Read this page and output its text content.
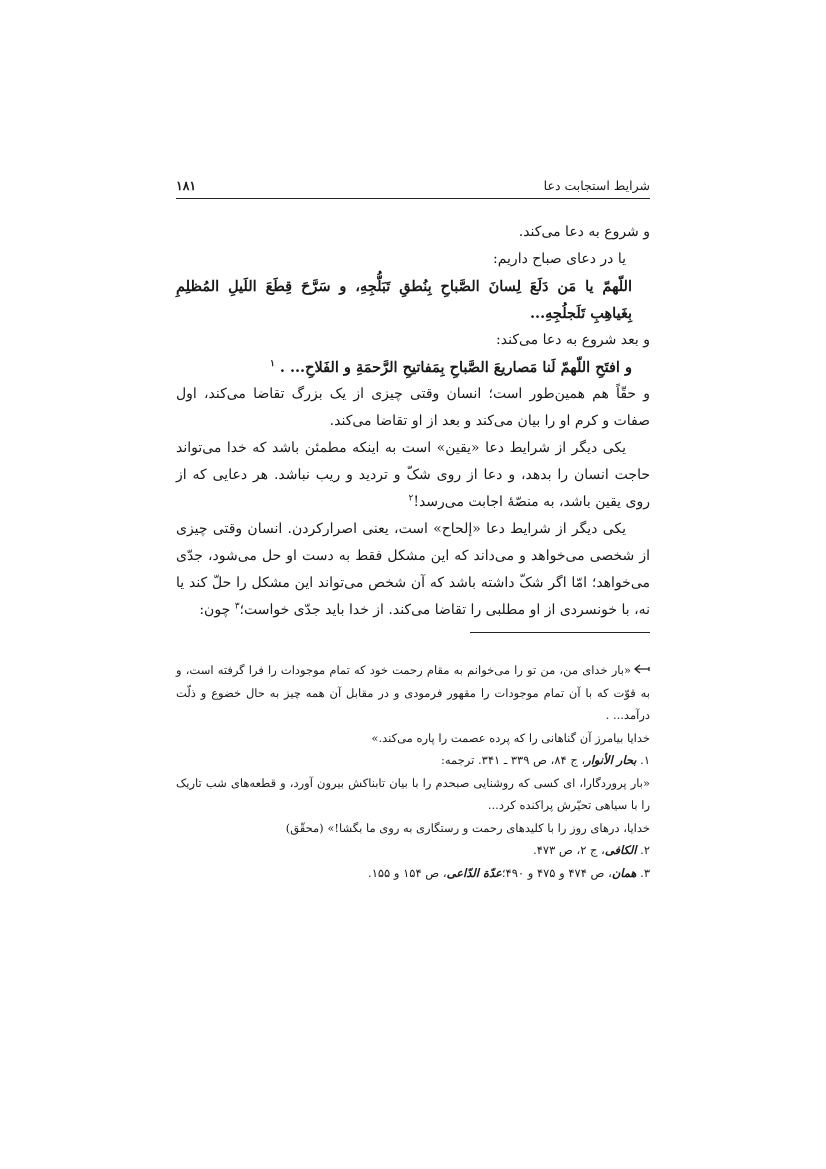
شرایط استجابت دعا
۱۸۱

و شروع به دعا می‌کند.

یا در دعای صباح داریم:

اللّهمّ یا مَن دَلَعَ لِسانَ الصَّباحِ بِنُطقِ تَبَلُّجِهِ، و سَرَّحَ قِطَعَ اللَیلِ المُظلِمِ بِغَیاهِبِ تَلَجلُجِهِ...

و بعد شروع به دعا می‌کند:

و افتَحِ اللّهمّ لَنا مَصاریعَ الصَّباحِ بِمَفاتیحِ الرَّحمَةِ و الفَلاحِ... . $^۱$

و حقّاً هم همین‌طور است؛ انسان وقتی چیزی از یک بزرگ تقاضا می‌کند، اول صفات و کرم او را بیان می‌کند و بعد از او تقاضا می‌کند.

یکی دیگر از شرایط دعا «یقین» است به اینکه مطمئن باشد که خدا می‌تواند حاجت انسان را بدهد، و دعا از روی شکّ و تردید و ریب نباشد. هر دعایی که از روی یقین باشد، به منصّهٔ اجابت می‌رسد!$^۲$

یکی دیگر از شرایط دعا «إلحاح» است، یعنی اصرارکردن. انسان وقتی چیزی از شخصی می‌خواهد و می‌داند که این مشکل فقط به دست او حل می‌شود، جدّی می‌خواهد؛ امّا اگر شکّ داشته باشد که آن شخص می‌تواند این مشکل را حلّ کند یا نه، با خونسردی از او مطلبی را تقاضا می‌کند. از خدا باید جدّی خواست؛$^۳$ چون:

«بار خدای من، من تو را می‌خوانم به مقام رحمت خود که تمام موجودات را فرا گرفته است، و به قوّت که با آن تمام موجودات را مقهور فرمودی و در مقابل آن همه چیز به حال خضوع و ذلّت درآمد... .

خدایا بیامرز آن گناهانی را که پرده عصمت را پاره می‌کند.»

۱. بحار الأنوار، ج ۸۴، ص ۳۳۹ ـ ۳۴۱. ترجمه:

«بار پروردگارا، ای کسی که روشنایی صبحدم را با بیان تابناکش بیرون آورد، و قطعه‌های شب تاریک را با سیاهی تحیّرش پراکنده کرد...

خدایا، درهای روز را با کلیدهای رحمت و رستگاری به روی ما بگشا!» (محقّق)

۲. الکافی، ج ۲، ص ۴۷۳.

۳. همان، ص ۴۷۴ و ۴۷۵ و ۴۹۰؛عدّة الدّاعی، ص ۱۵۴ و ۱۵۵.
